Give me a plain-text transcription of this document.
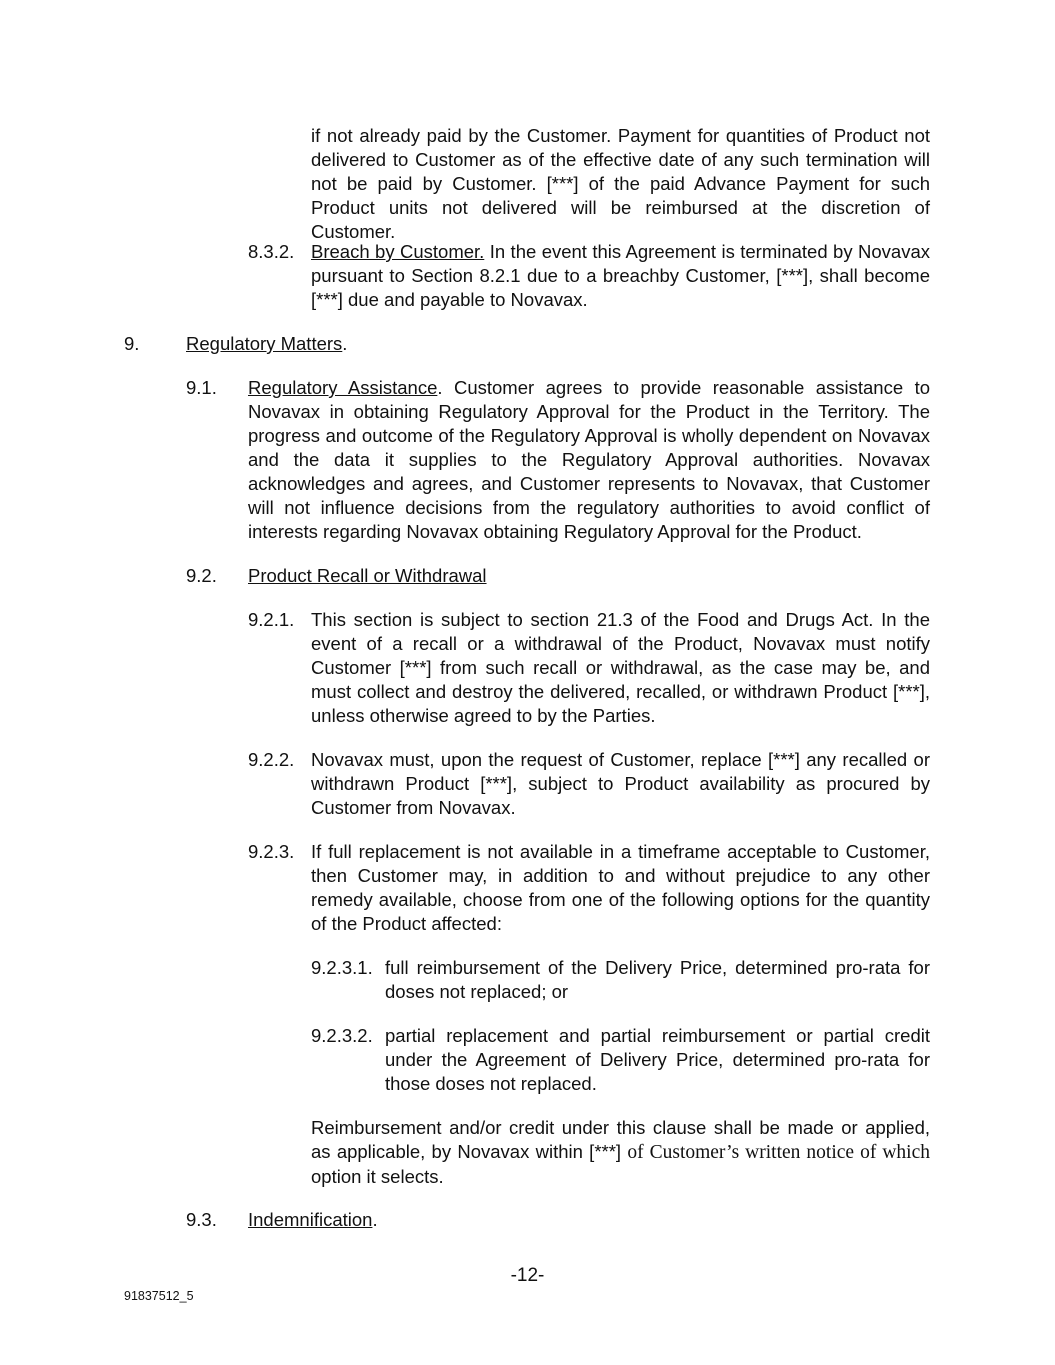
if not already paid by the Customer. Payment for quantities of Product not delivered to Customer as of the effective date of any such termination will not be paid by Customer. [***] of the paid Advance Payment for such Product units not delivered will be reimbursed at the discretion of Customer.

8.3.2. Breach by Customer. In the event this Agreement is terminated by Novavax pursuant to Section 8.2.1 due to a breachby Customer, [***], shall become [***] due and payable to Novavax.

9.	Regulatory Matters.

9.1. Regulatory Assistance. Customer agrees to provide reasonable assistance to Novavax in obtaining Regulatory Approval for the Product in the Territory. The progress and outcome of the Regulatory Approval is wholly dependent on Novavax and the data it supplies to the Regulatory Approval authorities. Novavax acknowledges and agrees, and Customer represents to Novavax, that Customer will not influence decisions from the regulatory authorities to avoid conflict of interests regarding Novavax obtaining Regulatory Approval for the Product.

9.2. Product Recall or Withdrawal

9.2.1. This section is subject to section 21.3 of the Food and Drugs Act. In the event of a recall or a withdrawal of the Product, Novavax must notify Customer [***] from such recall or withdrawal, as the case may be, and must collect and destroy the delivered, recalled, or withdrawn Product [***], unless otherwise agreed to by the Parties.

9.2.2. Novavax must, upon the request of Customer, replace [***] any recalled or withdrawn Product [***], subject to Product availability as procured by Customer from Novavax.

9.2.3. If full replacement is not available in a timeframe acceptable to Customer, then Customer may, in addition to and without prejudice to any other remedy available, choose from one of the following options for the quantity of the Product affected:

9.2.3.1. full reimbursement of the Delivery Price, determined pro-rata for doses not replaced; or

9.2.3.2. partial replacement and partial reimbursement or partial credit under the Agreement of Delivery Price, determined pro-rata for those doses not replaced.

Reimbursement and/or credit under this clause shall be made or applied, as applicable, by Novavax within [***] of Customer’s written notice of which option it selects.

9.3. Indemnification.

-12-
91837512_5
